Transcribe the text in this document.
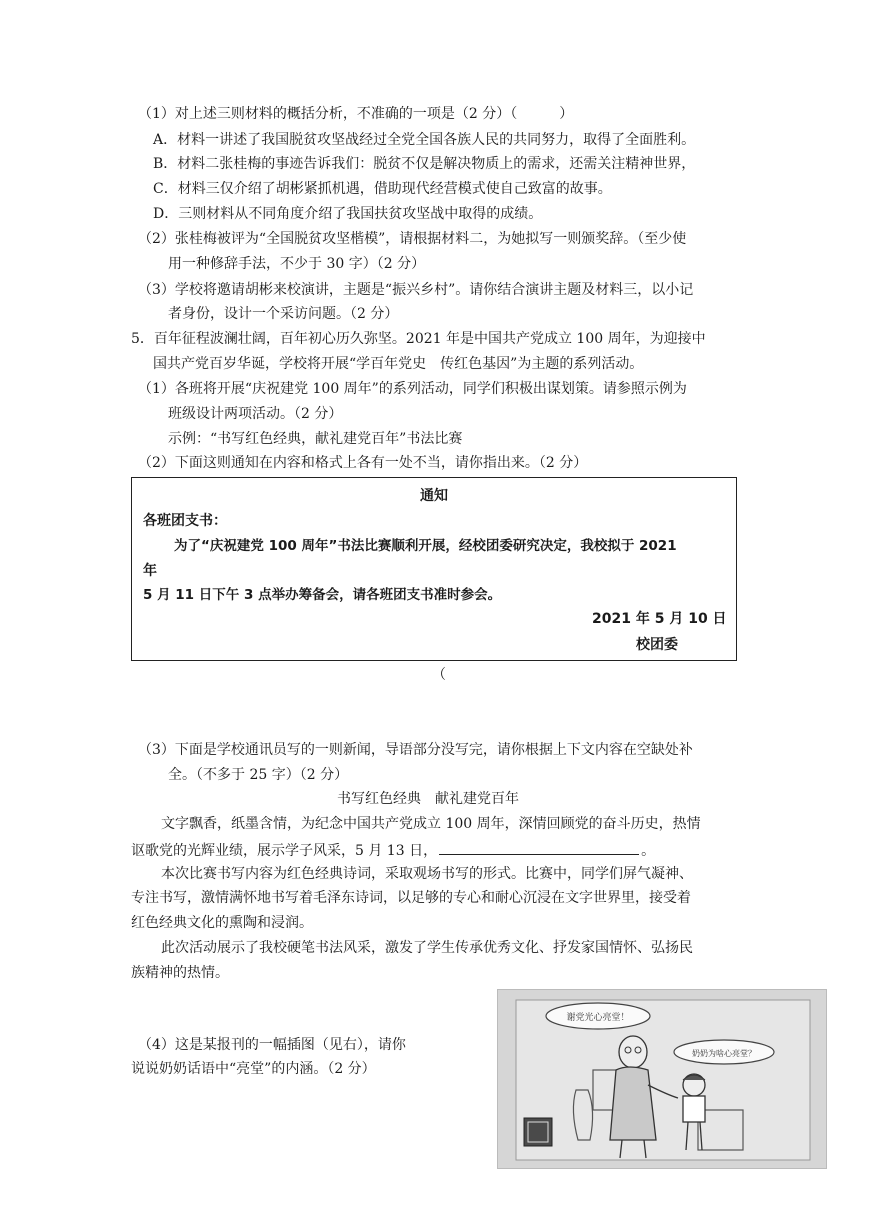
（1）对上述三则材料的概括分析，不准确的一项是（2 分）（　　　）
A．材料一讲述了我国脱贫攻坚战经过全党全国各族人民的共同努力，取得了全面胜利。
B．材料二张桂梅的事迹告诉我们：脱贫不仅是解决物质上的需求，还需关注精神世界，
C．材料三仅介绍了胡彬紧抓机遇，借助现代经营模式使自己致富的故事。
D．三则材料从不同角度介绍了我国扶贫攻坚战中取得的成绩。
（2）张桂梅被评为“全国脱贫攻坚楷模”，请根据材料二，为她拟写一则颁奖辞。（至少使
用一种修辞手法，不少于 30 字）（2 分）
（3）学校将邀请胡彬来校演讲，主题是“振兴乡村”。请你结合演讲主题及材料三，以小记
者身份，设计一个采访问题。（2 分）
5．百年征程波澜壮阔，百年初心历久弥坚。2021 年是中国共产党成立 100 周年，为迎接中
国共产党百岁华诞，学校将开展“学百年党史　传红色基因”为主题的系列活动。
（1）各班将开展“庆祝建党 100 周年”的系列活动，同学们积极出谋划策。请参照示例为
班级设计两项活动。（2 分）
示例：“书写红色经典，献礼建党百年”书法比赛
（2）下面这则通知在内容和格式上各有一处不当，请你指出来。（2 分）
通知
各班团支书：
为了“庆祝建党 100 周年”书法比赛顺利开展，经校团委研究决定，我校拟于 2021
年
5 月 11 日下午 3 点举办筹备会，请各班团支书准时参会。
2021 年 5 月 10 日
校团委
（
（3）下面是学校通讯员写的一则新闻，导语部分没写完，请你根据上下文内容在空缺处补
全。（不多于 25 字）（2 分）
书写红色经典　献礼建党百年
文字飘香，纸墨含情，为纪念中国共产党成立 100 周年，深情回顾党的奋斗历史，热情
讴歌党的光辉业绩，展示学子风采，5 月 13 日，	。
本次比赛书写内容为红色经典诗词，采取观场书写的形式。比赛中，同学们屏气凝神、
专注书写，激情满怀地书写着毛泽东诗词，以足够的专心和耐心沉浸在文字世界里，接受着
红色经典文化的熏陶和浸润。
此次活动展示了我校硬笔书法风采，激发了学生传承优秀文化、抒发家国情怀、弘扬民
族精神的热情。
（4）这是某报刊的一幅插图（见右），请你
说说奶奶话语中“亮堂”的内涵。（2 分）
谢党光心亮堂！
奶奶为啥心亮堂？
